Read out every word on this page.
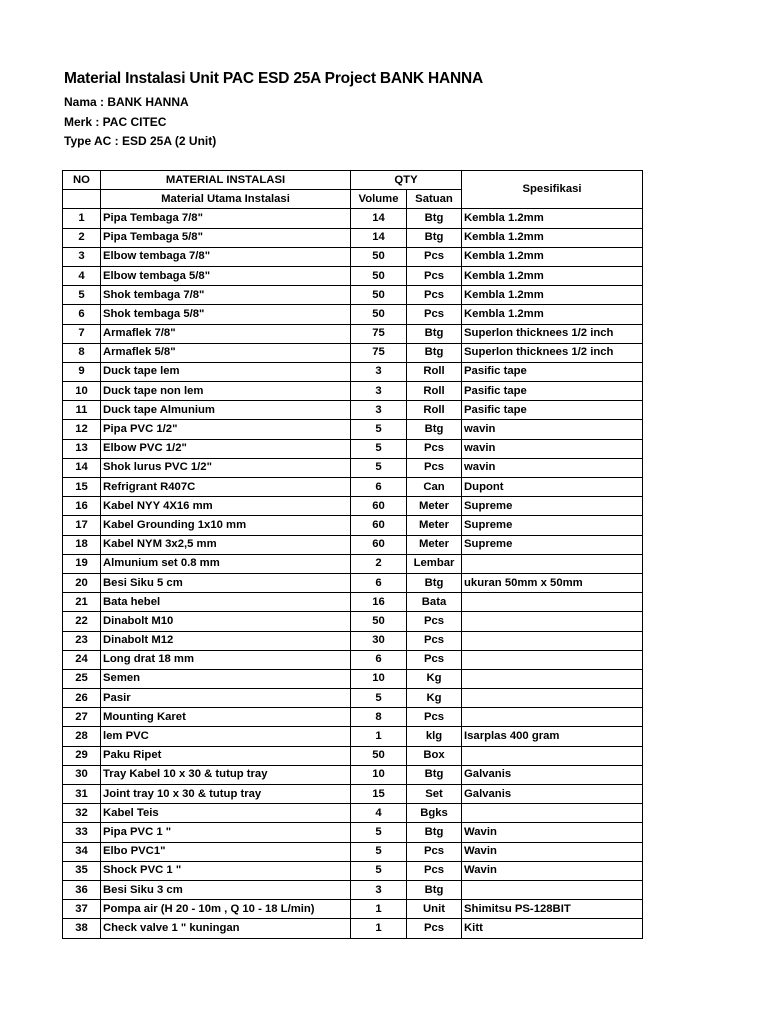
Material Instalasi Unit PAC ESD 25A Project BANK HANNA
Nama : BANK HANNA
Merk : PAC CITEC
Type AC : ESD 25A (2 Unit)
NO	MATERIAL INSTALASI	QTY		Spesifikasi
	Material Utama Instalasi	Volume	Satuan	
1	Pipa Tembaga 7/8"	14	Btg	Kembla 1.2mm
2	Pipa Tembaga 5/8"	14	Btg	Kembla 1.2mm
3	Elbow tembaga 7/8"	50	Pcs	Kembla 1.2mm
4	Elbow tembaga 5/8"	50	Pcs	Kembla 1.2mm
5	Shok tembaga 7/8"	50	Pcs	Kembla 1.2mm
6	Shok tembaga 5/8"	50	Pcs	Kembla 1.2mm
7	Armaflek 7/8"	75	Btg	Superlon thicknees 1/2 inch
8	Armaflek 5/8"	75	Btg	Superlon thicknees 1/2 inch
9	Duck tape lem	3	Roll	Pasific tape
10	Duck tape non lem	3	Roll	Pasific tape
11	Duck tape Almunium	3	Roll	Pasific tape
12	Pipa PVC 1/2"	5	Btg	wavin
13	Elbow PVC 1/2"	5	Pcs	wavin
14	Shok lurus PVC 1/2"	5	Pcs	wavin
15	Refrigrant R407C	6	Can	Dupont
16	Kabel NYY 4X16 mm	60	Meter	Supreme
17	Kabel Grounding 1x10 mm	60	Meter	Supreme
18	Kabel NYM 3x2,5 mm	60	Meter	Supreme
19	Almunium set 0.8 mm	2	Lembar	
20	Besi Siku 5 cm	6	Btg	ukuran 50mm x 50mm
21	Bata hebel	16	Bata	
22	Dinabolt M10	50	Pcs	
23	Dinabolt M12	30	Pcs	
24	Long drat 18 mm	6	Pcs	
25	Semen	10	Kg	
26	Pasir	5	Kg	
27	Mounting Karet	8	Pcs	
28	lem PVC	1	klg	Isarplas 400 gram
29	Paku Ripet	50	Box	
30	Tray Kabel 10 x 30 & tutup tray	10	Btg	Galvanis
31	Joint tray 10 x 30 & tutup tray	15	Set	Galvanis
32	Kabel Teis	4	Bgks	
33	Pipa PVC 1 "	5	Btg	Wavin
34	Elbo PVC1"	5	Pcs	Wavin
35	Shock PVC 1 "	5	Pcs	Wavin
36	Besi Siku 3 cm	3	Btg	
37	Pompa air (H 20 - 10m , Q 10 - 18 L/min)	1	Unit	Shimitsu PS-128BIT
38	Check valve 1 " kuningan	1	Pcs	Kitt
